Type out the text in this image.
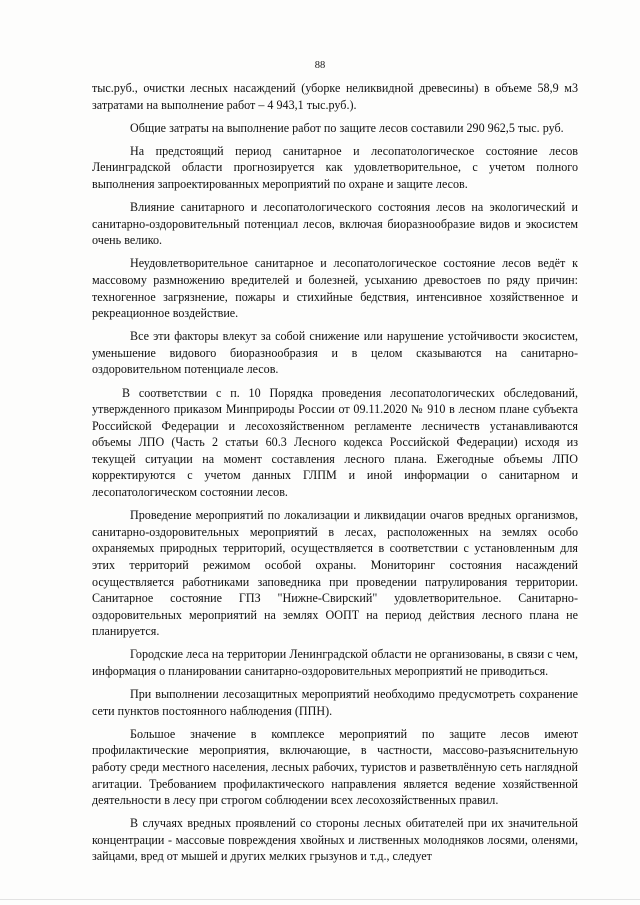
88

тыс.руб., очистки лесных насаждений (уборке неликвидной древесины) в объеме 58,9 м3 затратами на выполнение работ – 4 943,1 тыс.руб.).

Общие затраты на выполнение работ по защите лесов составили 290 962,5 тыс. руб.

На предстоящий период санитарное и лесопатологическое состояние лесов Ленинградской области прогнозируется как удовлетворительное, с учетом полного выполнения запроектированных мероприятий по охране и защите лесов.

Влияние санитарного и лесопатологического состояния лесов на экологический и санитарно-оздоровительный потенциал лесов, включая биоразнообразие видов и экосистем очень велико.

Неудовлетворительное санитарное и лесопатологическое состояние лесов ведёт к массовому размножению вредителей и болезней, усыханию древостоев по ряду причин: техногенное загрязнение, пожары и стихийные бедствия, интенсивное хозяйственное и рекреационное воздействие.

Все эти факторы влекут за собой снижение или нарушение устойчивости экосистем, уменьшение видового биоразнообразия и в целом сказываются на санитарно-оздоровительном потенциале лесов.

В соответствии с п. 10 Порядка проведения лесопатологических обследований, утвержденного приказом Минприроды России от 09.11.2020 № 910 в лесном плане субъекта Российской Федерации и лесохозяйственном регламенте лесничеств устанавливаются объемы ЛПО (Часть 2 статьи 60.3 Лесного кодекса Российской Федерации) исходя из текущей ситуации на момент составления лесного плана. Ежегодные объемы ЛПО корректируются с учетом данных ГЛПМ и иной информации о санитарном и лесопатологическом состоянии лесов.

Проведение мероприятий по локализации и ликвидации очагов вредных организмов, санитарно-оздоровительных мероприятий в лесах, расположенных на землях особо охраняемых природных территорий, осуществляется в соответствии с установленным для этих территорий режимом особой охраны. Мониторинг состояния насаждений осуществляется работниками заповедника при проведении патрулирования территории. Санитарное состояние ГПЗ "Нижне-Свирский" удовлетворительное. Санитарно-оздоровительных мероприятий на землях ООПТ на период действия лесного плана не планируется.

Городские леса на территории Ленинградской области не организованы, в связи с чем, информация о планировании санитарно-оздоровительных мероприятий не приводиться.

При выполнении лесозащитных мероприятий необходимо предусмотреть сохранение сети пунктов постоянного наблюдения (ППН).

Большое значение в комплексе мероприятий по защите лесов имеют профилактические мероприятия, включающие, в частности, массово-разъяснительную работу среди местного населения, лесных рабочих, туристов и разветвлённую сеть наглядной агитации. Требованием профилактического направления является ведение хозяйственной деятельности в лесу при строгом соблюдении всех лесохозяйственных правил.

В случаях вредных проявлений со стороны лесных обитателей при их значительной концентрации - массовые повреждения хвойных и лиственных молодняков лосями, оленями, зайцами, вред от мышей и других мелких грызунов и т.д., следует
